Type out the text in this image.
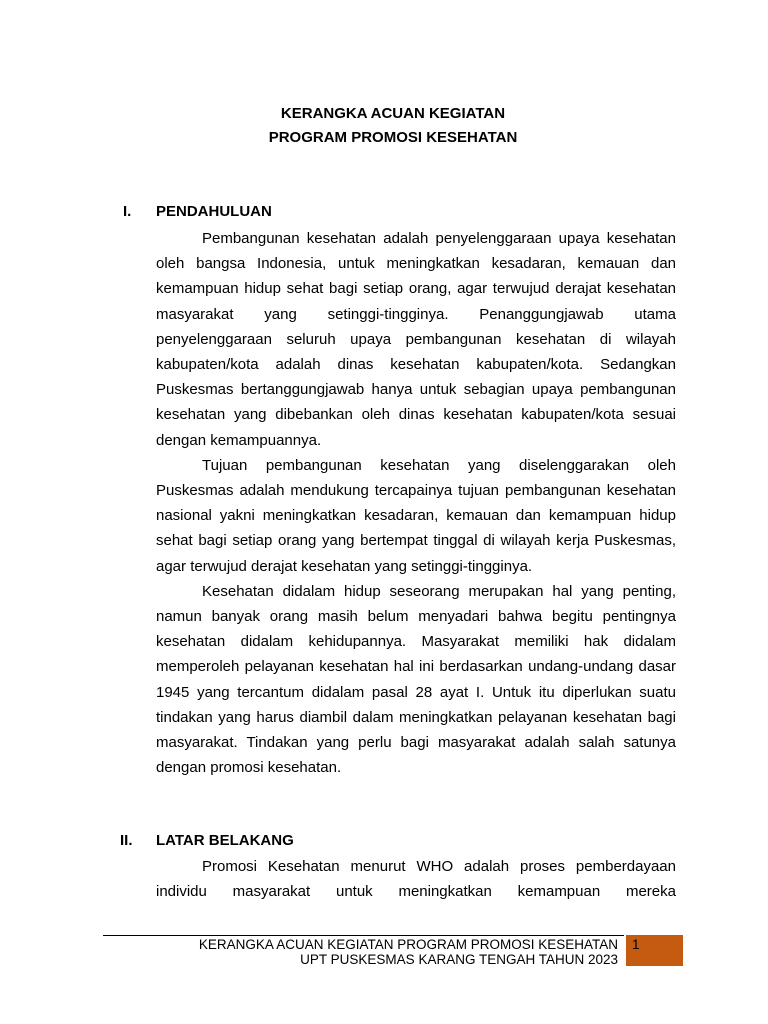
KERANGKA ACUAN KEGIATAN
PROGRAM PROMOSI KESEHATAN
I. PENDAHULUAN

Pembangunan kesehatan adalah penyelenggaraan upaya kesehatan oleh bangsa Indonesia, untuk meningkatkan kesadaran, kemauan dan kemampuan hidup sehat bagi setiap orang, agar terwujud derajat kesehatan masyarakat yang setinggi-tingginya. Penanggungjawab utama penyelenggaraan seluruh upaya pembangunan kesehatan di wilayah kabupaten/kota adalah dinas kesehatan kabupaten/kota. Sedangkan Puskesmas bertanggungjawab hanya untuk sebagian upaya pembangunan kesehatan yang dibebankan oleh dinas kesehatan kabupaten/kota sesuai dengan kemampuannya.

Tujuan pembangunan kesehatan yang diselenggarakan oleh Puskesmas adalah mendukung tercapainya tujuan pembangunan kesehatan nasional yakni meningkatkan kesadaran, kemauan dan kemampuan hidup sehat bagi setiap orang yang bertempat tinggal di wilayah kerja Puskesmas, agar terwujud derajat kesehatan yang setinggi-tingginya.

Kesehatan didalam hidup seseorang merupakan hal yang penting, namun banyak orang masih belum menyadari bahwa begitu pentingnya kesehatan didalam kehidupannya. Masyarakat memiliki hak didalam memperoleh pelayanan kesehatan hal ini berdasarkan undang-undang dasar 1945 yang tercantum didalam pasal 28 ayat I. Untuk itu diperlukan suatu tindakan yang harus diambil dalam meningkatkan pelayanan kesehatan bagi masyarakat. Tindakan yang perlu bagi masyarakat adalah salah satunya dengan promosi kesehatan.

II. LATAR BELAKANG

Promosi Kesehatan menurut WHO adalah proses pemberdayaan individu masyarakat untuk meningkatkan kemampuan mereka

KERANGKA ACUAN KEGIATAN PROGRAM PROMOSI KESEHATAN
UPT PUSKESMAS KARANG TENGAH TAHUN 2023
1
